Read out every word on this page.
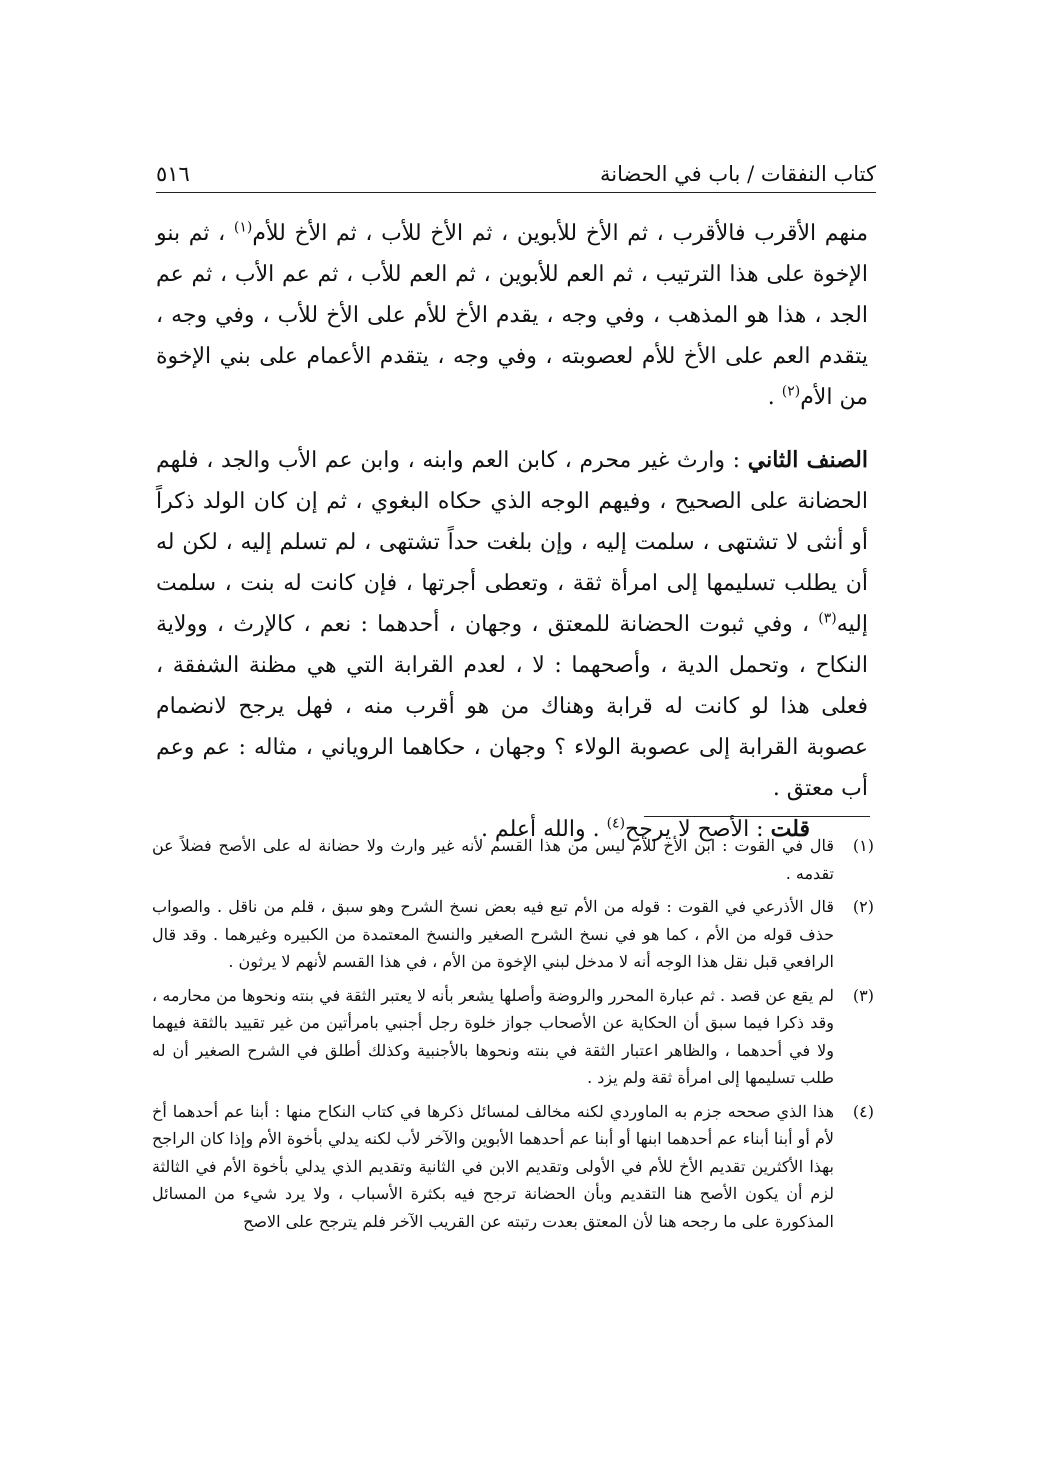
كتاب النفقات / باب في الحضانة
٥١٦

منهم الأقرب فالأقرب ، ثم الأخ للأبوين ، ثم الأخ للأب ، ثم الأخ للأم$^{(١)}$ ، ثم بنو الإخوة على هذا الترتيب ، ثم العم للأبوين ، ثم العم للأب ، ثم عم الأب ، ثم عم الجد ، هذا هو المذهب ، وفي وجه ، يقدم الأخ للأم على الأخ للأب ، وفي وجه ، يتقدم العم على الأخ للأم لعصوبته ، وفي وجه ، يتقدم الأعمام على بني الإخوة من الأم$^{(٢)}$ .

الصنف الثاني : وارث غير محرم ، كابن العم وابنه ، وابن عم الأب والجد ، فلهم الحضانة على الصحيح ، وفيهم الوجه الذي حكاه البغوي ، ثم إن كان الولد ذكراً أو أنثى لا تشتهى ، سلمت إليه ، وإن بلغت حداً تشتهى ، لم تسلم إليه ، لكن له أن يطلب تسليمها إلى امرأة ثقة ، وتعطى أجرتها ، فإن كانت له بنت ، سلمت إليه$^{(٣)}$ ، وفي ثبوت الحضانة للمعتق ، وجهان ، أحدهما : نعم ، كالإرث ، وولاية النكاح ، وتحمل الدية ، وأصحهما : لا ، لعدم القرابة التي هي مظنة الشفقة ، فعلى هذا لو كانت له قرابة وهناك من هو أقرب منه ، فهل يرجح لانضمام عصوبة القرابة إلى عصوبة الولاء ؟ وجهان ، حكاهما الروياني ، مثاله : عم وعم أب معتق .

قلت : الأصح لا يرجح$^{(٤)}$ . والله أعلم .

(١)
قال في القوت : ابن الأخ للأم ليس من هذا القسم لأنه غير وارث ولا حضانة له على الأصح فضلاً عن تقدمه .
(٢)
قال الأذرعي في القوت : قوله من الأم تبع فيه بعض نسخ الشرح وهو سبق ، قلم من ناقل . والصواب حذف قوله من الأم ، كما هو في نسخ الشرح الصغير والنسخ المعتمدة من الكبيره وغيرهما . وقد قال الرافعي قبل نقل هذا الوجه أنه لا مدخل لبني الإخوة من الأم ، في هذا القسم لأنهم لا يرثون .
(٣)
لم يقع عن قصد . ثم عبارة المحرر والروضة وأصلها يشعر بأنه لا يعتبر الثقة في بنته ونحوها من محارمه ، وقد ذكرا فيما سبق أن الحكاية عن الأصحاب جواز خلوة رجل أجنبي بامرأتين من غير تقييد بالثقة فيهما ولا في أحدهما ، والظاهر اعتبار الثقة في بنته ونحوها بالأجنبية وكذلك أطلق في الشرح الصغير أن له طلب تسليمها إلى امرأة ثقة ولم يزد .
(٤)
هذا الذي صححه جزم به الماوردي لكنه مخالف لمسائل ذكرها في كتاب النكاح منها : أبنا عم أحدهما أخ لأم أو أبنا أبناء عم أحدهما ابنها أو أبنا عم أحدهما الأبوين والآخر لأب لكنه يدلي بأخوة الأم وإذا كان الراجح بهذا الأكثرين تقديم الأخ للأم في الأولى وتقديم الابن في الثانية وتقديم الذي يدلي بأخوة الأم في الثالثة لزم أن يكون الأصح هنا التقديم وبأن الحضانة ترجح فيه بكثرة الأسباب ، ولا يرد شيء من المسائل المذكورة على ما رجحه هنا لأن المعتق بعدت رتبته عن القريب الآخر فلم يترجح على الاصح
